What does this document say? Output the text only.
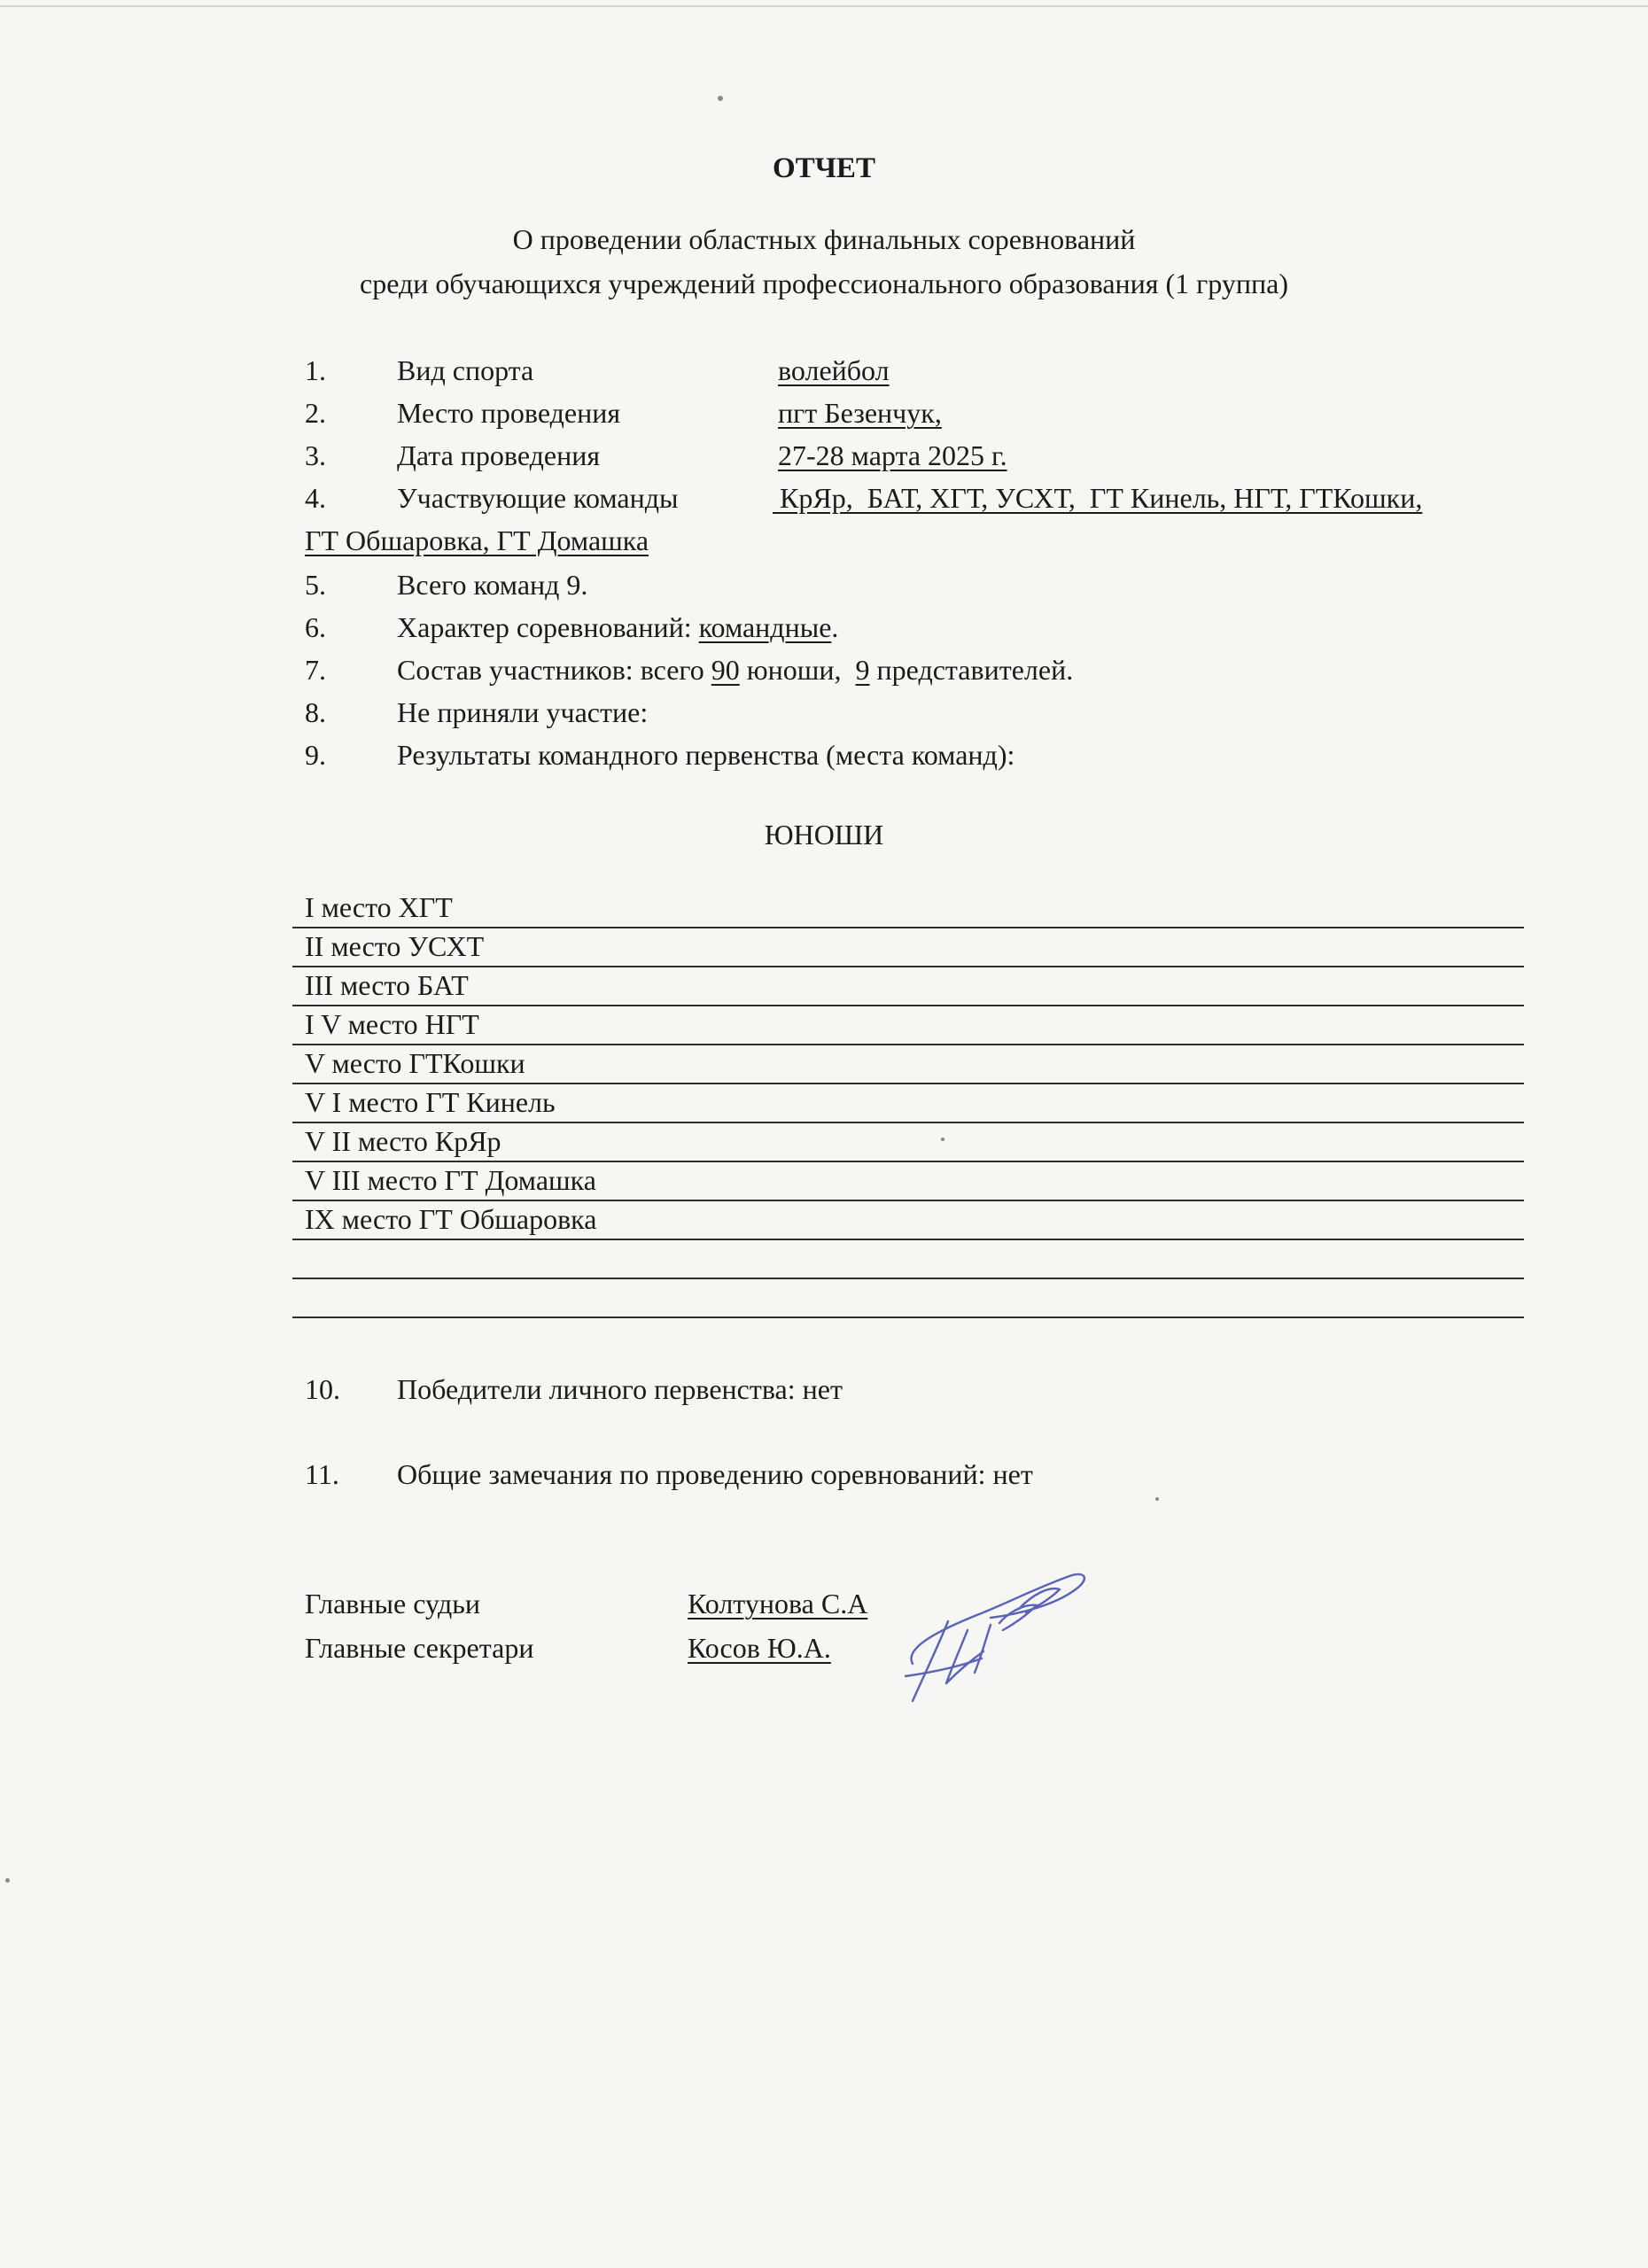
ОТЧЕТ
О проведении областных финальных соревнований
среди обучающихся учреждений профессионального образования (1 группа)
1.	Вид спорта	волейбол
2.	Место проведения	пгт Безенчук,
3.	Дата проведения	27-28 марта 2025 г.
4.	Участвующие команды	КрЯр,  БАТ, ХГТ, УСХТ,  ГТ Кинель, НГТ, ГТКошки,
ГТ Обшаровка, ГТ Домашка
5.	Всего команд 9.
6.	Характер соревнований: командные.
7.	Состав участников: всего 90 юноши,  9 представителей.
8.	Не приняли участие:
9.	Результаты командного первенства (места команд):
ЮНОШИ
I место ХГТ
II место УСХТ
III место БАТ
I V место НГТ
V место ГТКошки
V I место ГТ Кинель
V II место КрЯр
V III место ГТ Домашка
IX место ГТ Обшаровка
10. Победители личного первенства: нет
11. Общие замечания по проведению соревнований: нет
Главные судьи	Колтунова С.А
Главные секретари	Косов Ю.А.
